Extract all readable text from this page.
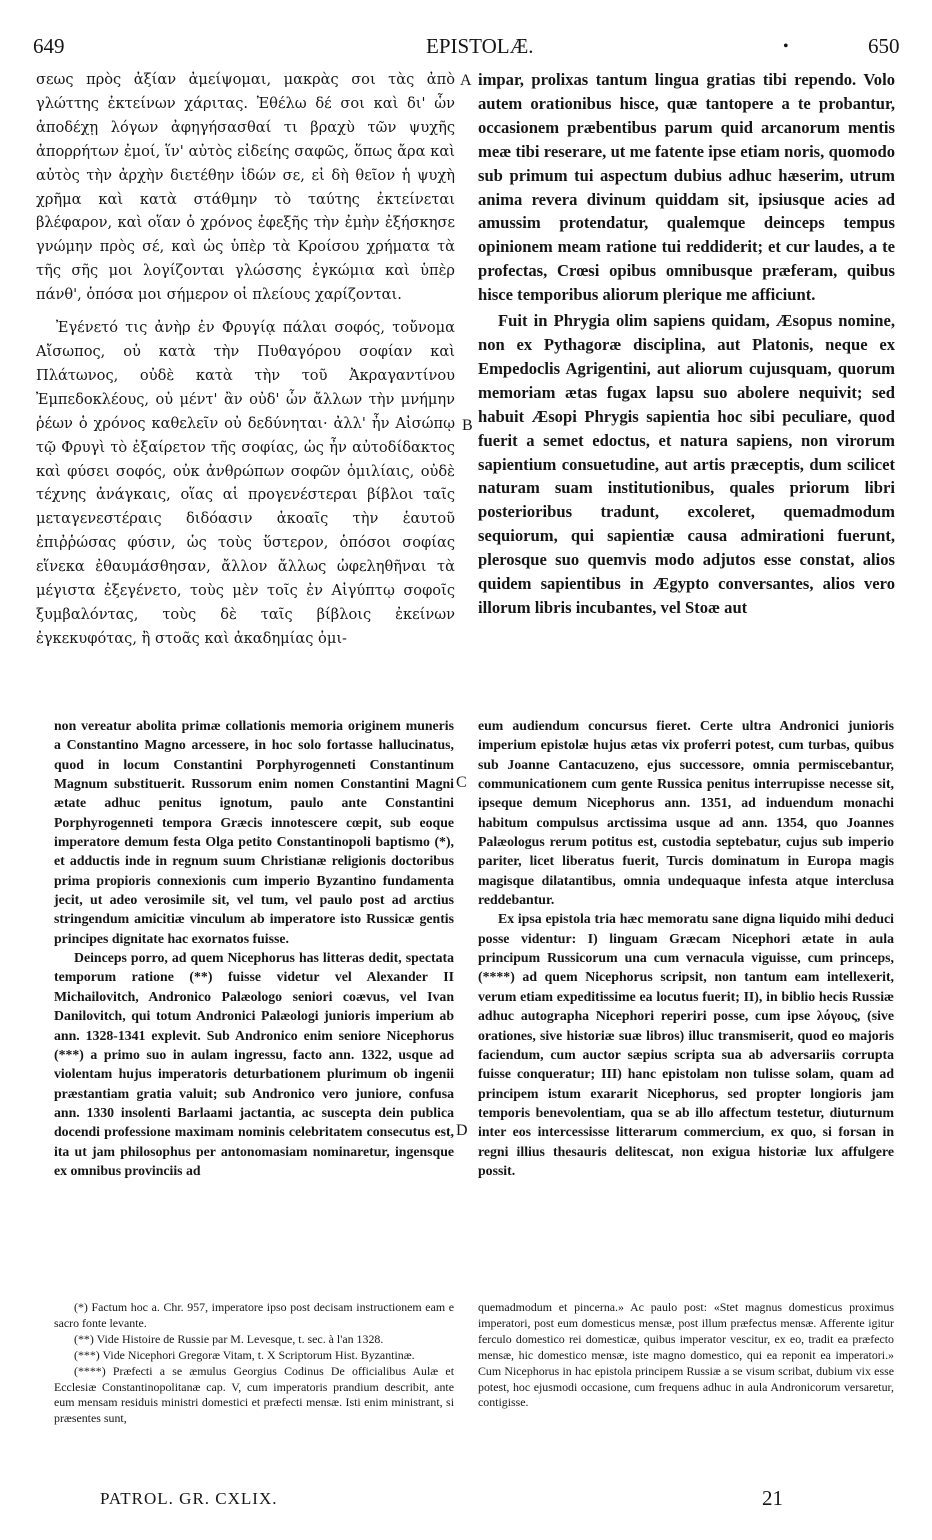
649	EPISTOLÆ.	•	650
A
B
C
D

σεως πρὸς ἀξίαν ἀμείψομαι, μακρὰς σοι τὰς ἀπὸ γλώττης ἐκτείνων χάριτας. Ἐθέλω δέ σοι καὶ δι' ὧν ἀποδέχῃ λόγων ἀφηγήσασθαί τι βραχὺ τῶν ψυχῆς ἀπορρήτων ἐμοί, ἵν' αὐτὸς εἰδείης σαφῶς, ὅπως ἄρα καὶ αὐτὸς τὴν ἀρχὴν διετέθην ἰδών σε, εἰ δὴ θεῖον ἡ ψυχὴ χρῆμα καὶ κατὰ στάθμην τὸ ταύτης ἐκτείνεται βλέφαρον, καὶ οἵαν ὁ χρόνος ἐφεξῆς τὴν ἐμὴν ἐξήσκησε γνώμην πρὸς σέ, καὶ ὡς ὑπὲρ τὰ Κροίσου χρήματα τὰ τῆς σῆς μοι λογίζονται γλώσσης ἐγκώμια καὶ ὑπὲρ πάνθ', ὁπόσα μοι σήμερον οἱ πλείους χαρίζονται.

Ἐγένετό τις ἀνὴρ ἐν Φρυγίᾳ πάλαι σοφός, τοὔνομα Αἴσωπος, οὐ κατὰ τὴν Πυθαγόρου σοφίαν καὶ Πλάτωνος, οὐδὲ κατὰ τὴν τοῦ Ἀκραγαντίνου Ἐμπεδοκλέους, οὐ μέντ' ἂν οὐδ' ὧν ἄλλων τὴν μνήμην ῥέων ὁ χρόνος καθελεῖν οὐ δεδύνηται· ἀλλ' ἦν Αἰσώπῳ τῷ Φρυγὶ τὸ ἐξαίρετον τῆς σοφίας, ὡς ἦν αὐτοδίδακτος καὶ φύσει σοφός, οὐκ ἀνθρώπων σοφῶν ὁμιλίαις, οὐδὲ τέχνης ἀνάγκαις, οἵας αἱ προγενέστεραι βίβλοι ταῖς μεταγενεστέραις διδόασιν ἀκοαῖς τὴν ἑαυτοῦ ἐπιῤῥώσας φύσιν, ὡς τοὺς ὕστερον, ὁπόσοι σοφίας εἵνεκα ἐθαυμάσθησαν, ἄλλον ἄλλως ὠφεληθῆναι τὰ μέγιστα ἐξεγένετο, τοὺς μὲν τοῖς ἐν Αἰγύπτῳ σοφοῖς ξυμβαλόντας, τοὺς δὲ ταῖς βίβλοις ἐκείνων ἐγκεκυφότας, ἢ στοᾶς καὶ ἀκαδημίας ὁμι-

impar, prolixas tantum lingua gratias tibi rependo. Volo autem orationibus hisce, quæ tantopere a te probantur, occasionem præbentibus parum quid arcanorum mentis meæ tibi reserare, ut me fatente ipse etiam noris, quomodo sub primum tui aspectum dubius adhuc hæserim, utrum anima revera divinum quiddam sit, ipsiusque acies ad amussim protendatur, qualemque deinceps tempus opinionem meam ratione tui reddiderit; et cur laudes, a te profectas, Crœsi opibus omnibusque præferam, quibus hisce temporibus aliorum plerique me afficiunt.

Fuit in Phrygia olim sapiens quidam, Æsopus nomine, non ex Pythagoræ disciplina, aut Platonis, neque ex Empedoclis Agrigentini, aut aliorum cujusquam, quorum memoriam ætas fugax lapsu suo abolere nequivit; sed habuit Æsopi Phrygis sapientia hoc sibi peculiare, quod fuerit a semet edoctus, et natura sapiens, non virorum sapientium consuetudine, aut artis præceptis, dum scilicet naturam suam institutionibus, quales priorum libri posterioribus tradunt, excoleret, quemadmodum sequiorum, qui sapientiæ causa admirationi fuerunt, plerosque suo quemvis modo adjutos esse constat, alios quidem sapientibus in Ægypto conversantes, alios vero illorum libris incubantes, vel Stoæ aut

non vereatur abolita primæ collationis memoria originem muneris a Constantino Magno arcessere, in hoc solo fortasse hallucinatus, quod in locum Constantini Porphyrogenneti Constantinum Magnum substituerit. Russorum enim nomen Constantini Magni ætate adhuc penitus ignotum, paulo ante Constantini Porphyrogenneti tempora Græcis innotescere cœpit, sub eoque imperatore demum festa Olga petito Constantinopoli baptismo (*), et adductis inde in regnum suum Christianæ religionis doctoribus prima propioris connexionis cum imperio Byzantino fundamenta jecit, ut adeo verosimile sit, vel tum, vel paulo post ad arctius stringendum amicitiæ vinculum ab imperatore isto Russicæ gentis principes dignitate hac exornatos fuisse.

Deinceps porro, ad quem Nicephorus has litteras dedit, spectata temporum ratione (**) fuisse videtur vel Alexander II Michailovitch, Andronico Palæologo seniori coævus, vel Ivan Danilovitch, qui totum Andronici Palæologi junioris imperium ab ann. 1328-1341 explevit. Sub Andronico enim seniore Nicephorus (***) a primo suo in aulam ingressu, facto ann. 1322, usque ad violentam hujus imperatoris deturbationem plurimum ob ingenii præstantiam gratia valuit; sub Andronico vero juniore, confusa ann. 1330 insolenti Barlaami jactantia, ac suscepta dein publica docendi professione maximam nominis celebritatem consecutus est, ita ut jam philosophus per antonomasiam nominaretur, ingensque ex omnibus provinciis ad

eum audiendum concursus fieret. Certe ultra Andronici junioris imperium epistolæ hujus ætas vix proferri potest, cum turbas, quibus sub Joanne Cantacuzeno, ejus successore, omnia permiscebantur, communicationem cum gente Russica penitus interrupisse necesse sit, ipseque demum Nicephorus ann. 1351, ad induendum monachi habitum compulsus arctissima usque ad ann. 1354, quo Joannes Palæologus rerum potitus est, custodia septebatur, cujus sub imperio pariter, licet liberatus fuerit, Turcis dominatum in Europa magis magisque dilatantibus, omnia undequaque infesta atque interclusa reddebantur.

Ex ipsa epistola tria hæc memoratu sane digna liquido mihi deduci posse videntur: I) linguam Græcam Nicephori ætate in aula principum Russicorum una cum vernacula viguisse, cum princeps, (****) ad quem Nicephorus scripsit, non tantum eam intellexerit, verum etiam expeditissime ea locutus fuerit; II), in biblio hecis Russiæ adhuc autographa Nicephori reperiri posse, cum ipse λόγους, (sive orationes, sive historiæ suæ libros) illuc transmiserit, quod eo majoris faciendum, cum auctor sæpius scripta sua ab adversariis corrupta fuisse conqueratur; III) hanc epistolam non tulisse solam, quam ad principem istum exararit Nicephorus, sed propter longioris jam temporis benevolentiam, qua se ab illo affectum testetur, diuturnum inter eos intercessisse litterarum commercium, ex quo, si forsan in regni illius thesauris delitescat, non exigua historiæ lux affulgere possit.

(*) Factum hoc a. Chr. 957, imperatore ipso post decisam instructionem eam e sacro fonte levante.

(**) Vide Histoire de Russie par M. Levesque, t. sec. à l'an 1328.

(***) Vide Nicephori Gregoræ Vitam, t. X Scriptorum Hist. Byzantinæ.

(****) Præfecti a se æmulus Georgius Codinus De officialibus Aulæ et Ecclesiæ Constantinopolitanæ cap. V, cum imperatoris prandium describit, ante eum mensam residuis ministri domestici et præfecti mensæ. Isti enim ministrant, si præsentes sunt,

quemadmodum et pincerna.» Ac paulo post: «Stet magnus domesticus proximus imperatori, post eum domesticus mensæ, post illum præfectus mensæ. Afferente igitur ferculo domestico rei domesticæ, quibus imperator vescitur, ex eo, tradit ea præfecto mensæ, hic domestico mensæ, iste magno domestico, qui ea reponit ea imperatori.» Cum Nicephorus in hac epistola principem Russiæ a se visum scribat, dubium vix esse potest, hoc ejusmodi occasione, cum frequens adhuc in aula Andronicorum versaretur, contigisse.

PATROL. GR. CXLIX.	21
